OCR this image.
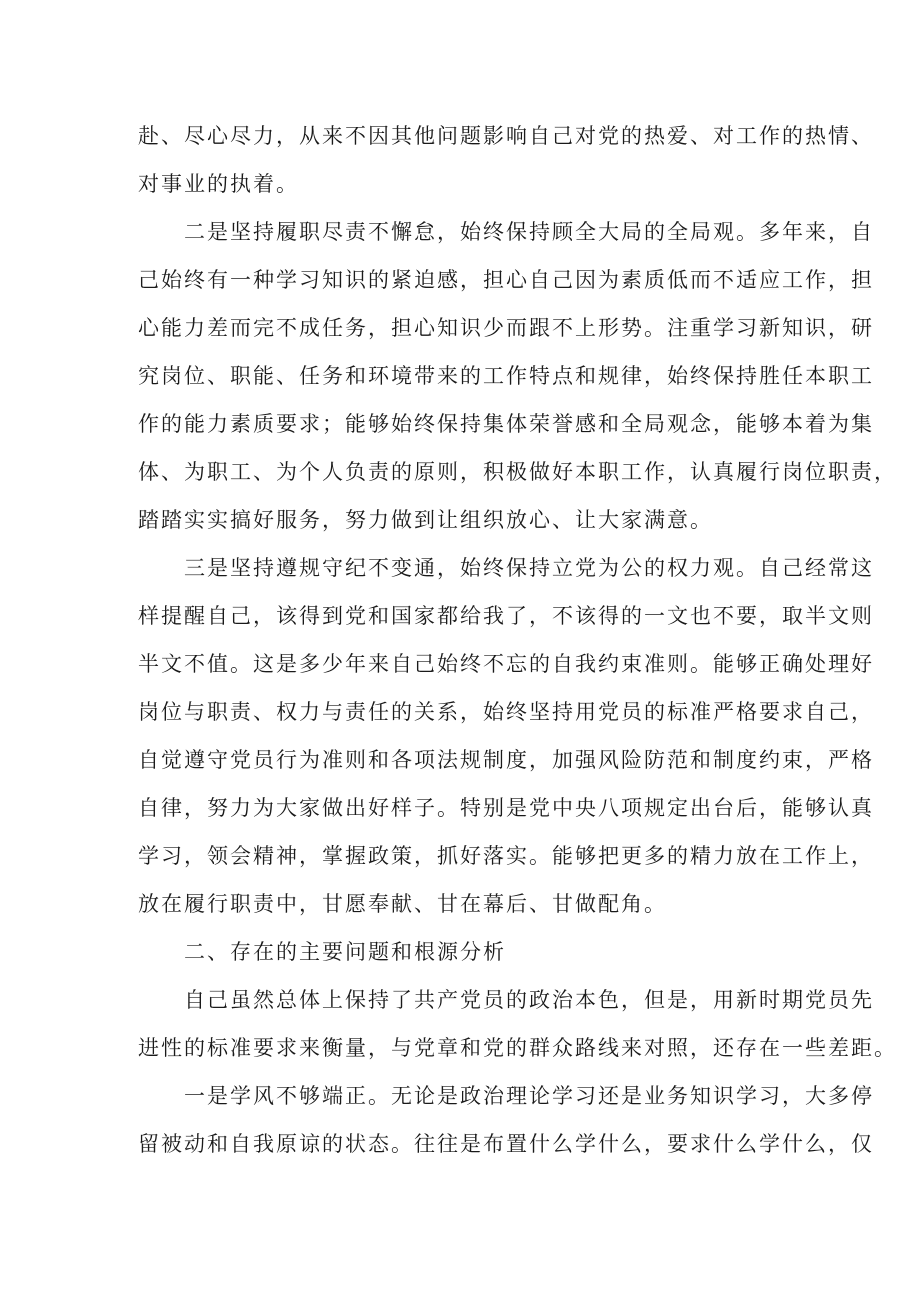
赴、尽心尽力，从来不因其他问题影响自己对党的热爱、对工作的热情、
对事业的执着。
二是坚持履职尽责不懈怠，始终保持顾全大局的全局观。多年来，自
己始终有一种学习知识的紧迫感，担心自己因为素质低而不适应工作，担
心能力差而完不成任务，担心知识少而跟不上形势。注重学习新知识，研
究岗位、职能、任务和环境带来的工作特点和规律，始终保持胜任本职工
作的能力素质要求；能够始终保持集体荣誉感和全局观念，能够本着为集
体、为职工、为个人负责的原则，积极做好本职工作，认真履行岗位职责，
踏踏实实搞好服务，努力做到让组织放心、让大家满意。
三是坚持遵规守纪不变通，始终保持立党为公的权力观。自己经常这
样提醒自己，该得到党和国家都给我了，不该得的一文也不要，取半文则
半文不值。这是多少年来自己始终不忘的自我约束准则。能够正确处理好
岗位与职责、权力与责任的关系，始终坚持用党员的标准严格要求自己，
自觉遵守党员行为准则和各项法规制度，加强风险防范和制度约束，严格
自律，努力为大家做出好样子。特别是党中央八项规定出台后，能够认真
学习，领会精神，掌握政策，抓好落实。能够把更多的精力放在工作上，
放在履行职责中，甘愿奉献、甘在幕后、甘做配角。
二、存在的主要问题和根源分析
自己虽然总体上保持了共产党员的政治本色，但是，用新时期党员先
进性的标准要求来衡量，与党章和党的群众路线来对照，还存在一些差距。
一是学风不够端正。无论是政治理论学习还是业务知识学习，大多停
留被动和自我原谅的状态。往往是布置什么学什么，要求什么学什么，仅
